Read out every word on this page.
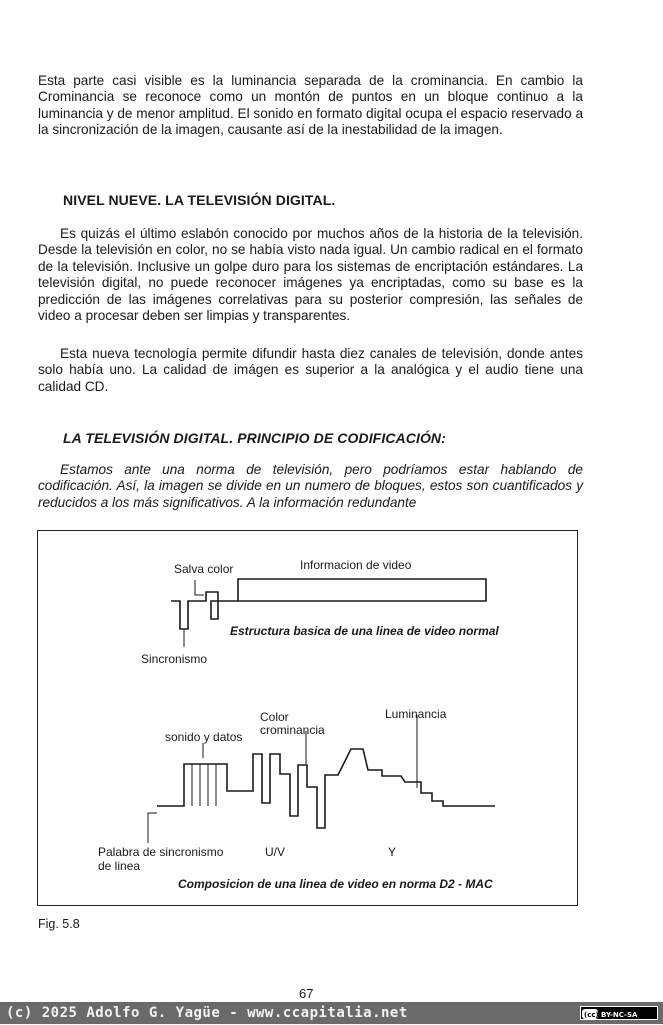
Esta parte casi visible es la luminancia separada de la crominancia. En cambio la Crominancia se reconoce como un montón de puntos en un bloque continuo a la luminancia y de menor amplitud. El sonido en formato digital ocupa el espacio reservado a la sincronización de la imagen, causante así de la inestabilidad de la imagen.

NIVEL NUEVE. LA TELEVISIÓN DIGITAL.

Es quizás el último eslabón conocido por muchos años de la historia de la televisión. Desde la televisión en color, no se había visto nada igual. Un cambio radical en el formato de la televisión. Inclusive un golpe duro para los sistemas de encriptación estándares. La televisión digital, no puede reconocer imágenes ya encriptadas, como su base es la predicción de las imágenes correlativas para su posterior compresión, las señales de video a procesar deben ser limpias y transparentes.

Esta nueva tecnología permite difundir hasta diez canales de televisión, donde antes solo había uno. La calidad de imágen es superior a la analógica y el audio tiene una calidad CD.

LA TELEVISIÓN DIGITAL. PRINCIPIO DE CODIFICACIÓN:

Estamos ante una norma de televisión, pero podríamos estar hablando de codificación. Así, la imagen se divide en un numero de bloques, estos son cuantificados y reducidos a los más significativos. A la información redundante

Salva color	Informacion de video
Estructura basica de una linea de video normal
Sincronismo
Color
crominancia
sonido y datos
Luminancia
Palabra de sincronismo
de linea
U/V	Y
Composicion de una linea de video en norma D2 - MAC
Fig. 5.8
67
(c) 2025 Adolfo G. Yagüe - www.ccapitalia.net	(cc) BY-NC-SA
